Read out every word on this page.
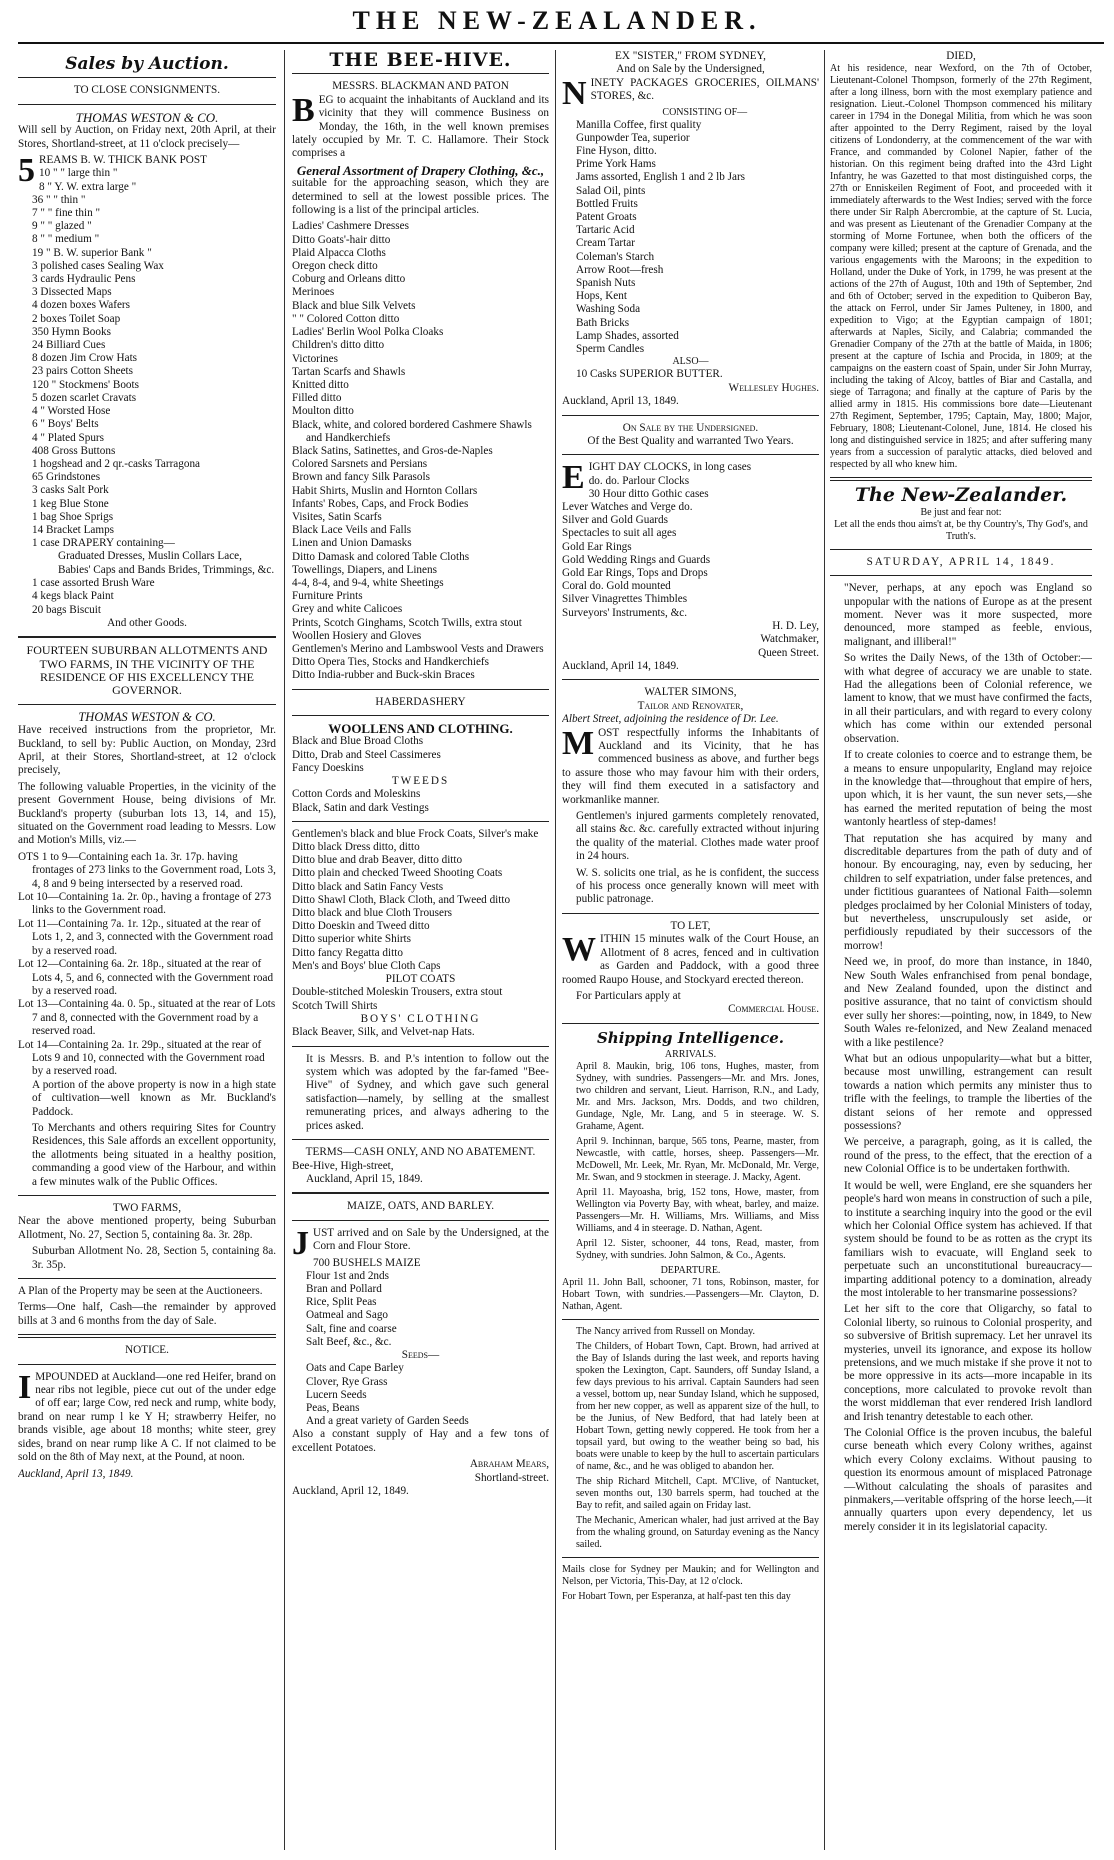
THE NEW-ZEALANDER.
Sales by Auction.
TO CLOSE CONSIGNMENTS.
THOMAS WESTON & CO.

Will sell by Auction, on Friday next, 20th April, at their Stores, Shortland-street, at 11 o'clock precisely—

5 REAMS B. W. THICK BANK POST
10 " " large thin "
8 " Y. W. extra large "
36 " " thin "
7 " " fine thin "
9 " " glazed "
8 " " medium "
19 " B. W. superior Bank "
3 polished cases Sealing Wax
3 cards Hydraulic Pens
3 Dissected Maps
4 dozen boxes Wafers
2 boxes Toilet Soap
350 Hymn Books
24 Billiard Cues
8 dozen Jim Crow Hats
23 pairs Cotton Sheets
120 " Stockmens' Boots
5 dozen scarlet Cravats
4 " Worsted Hose
6 " Boys' Belts
4 " Plated Spurs
408 Gross Buttons
1 hogshead and 2 qr.-casks Tarragona
65 Grindstones
3 casks Salt Pork
1 keg Blue Stone
1 bag Shoe Sprigs
14 Bracket Lamps
1 case DRAPERY containing—
Graduated Dresses, Muslin Collars Lace, Babies' Caps and Bands Brides, Trimmings, &c.
1 case assorted Brush Ware
4 kegs black Paint
20 bags Biscuit
And other Goods.
FOURTEEN SUBURBAN ALLOTMENTS AND TWO FARMS, IN THE VICINITY OF THE RESIDENCE OF HIS EXCELLENCY THE GOVERNOR.
THOMAS WESTON & CO.

Have received instructions from the proprietor, Mr. Buckland, to sell by: Public Auction, on Monday, 23rd April, at their Stores, Shortland-street, at 12 o'clock precisely,

The following valuable Properties, in the vicinity of the present Government House, being divisions of Mr. Buckland's property (suburban lots 13, 14, and 15), situated on the Government road leading to Messrs. Low and Motion's Mills, viz.—

OTS 1 to 9—Containing each 1a. 3r. 17p. having frontages of 273 links to the Government road, Lots 3, 4, 8 and 9 being intersected by a reserved road.
Lot 10—Containing 1a. 2r. 0p., having a frontage of 273 links to the Government road.
Lot 11—Containing 7a. 1r. 12p., situated at the rear of Lots 1, 2, and 3, connected with the Government road by a reserved road.
Lot 12—Containing 6a. 2r. 18p., situated at the rear of Lots 4, 5, and 6, connected with the Government road by a reserved road.
Lot 13—Containing 4a. 0. 5p., situated at the rear of Lots 7 and 8, connected with the Government road by a reserved road.
Lot 14—Containing 2a. 1r. 29p., situated at the rear of Lots 9 and 10, connected with the Government road by a reserved road.

A portion of the above property is now in a high state of cultivation—well known as Mr. Buckland's Paddock.

To Merchants and others requiring Sites for Country Residences, this Sale affords an excellent opportunity, the allotments being situated in a healthy position, commanding a good view of the Harbour, and within a few minutes walk of the Public Offices.

TWO FARMS,

Near the above mentioned property, being Suburban Allotment, No. 27, Section 5, containing 8a. 3r. 28p.

Suburban Allotment No. 28, Section 5, containing 8a. 3r. 35p.

A Plan of the Property may be seen at the Auctioneers.

Terms—One half, Cash—the remainder by approved bills at 3 and 6 months from the day of Sale.

NOTICE.

IMPOUNDED at Auckland—one red Heifer, brand on near ribs not legible, piece cut out of the under edge of off ear; large Cow, red neck and rump, white body, brand on near rump l ke Y H; strawberry Heifer, no brands visible, age about 18 months; white steer, grey sides, brand on near rump like A C. If not claimed to be sold on the 8th of May next, at the Pound, at noon.

Auckland, April 13, 1849.
THE BEE-HIVE.
MESSRS. BLACKMAN AND PATON

BEG to acquaint the inhabitants of Auckland and its vicinity that they will commence Business on Monday, the 16th, in the well known premises lately occupied by Mr. T. C. Hallamore. Their Stock comprises a

General Assortment of Drapery Clothing, &c.,

suitable for the approaching season, which they are determined to sell at the lowest possible prices. The following is a list of the principal articles.

Ladies' Cashmere Dresses
Ditto Goats'-hair ditto
Plaid Alpacca Cloths
Oregon check ditto
Coburg and Orleans ditto
Merinoes
Black and blue Silk Velvets
" " Colored Cotton ditto
Ladies' Berlin Wool Polka Cloaks
Children's ditto ditto
Victorines
Tartan Scarfs and Shawls
Knitted ditto
Filled ditto
Moulton ditto
Black, white, and colored bordered Cashmere Shawls and Handkerchiefs
Black Satins, Satinettes, and Gros-de-Naples
Colored Sarsnets and Persians
Brown and fancy Silk Parasols
Habit Shirts, Muslin and Hornton Collars
Infants' Robes, Caps, and Frock Bodies
Visites, Satin Scarfs
Black Lace Veils and Falls
Linen and Union Damasks
Ditto Damask and colored Table Cloths
Towellings, Diapers, and Linens
4-4, 8-4, and 9-4, white Sheetings
Furniture Prints
Grey and white Calicoes
Prints, Scotch Ginghams, Scotch Twills, extra stout
Woollen Hosiery and Gloves
Gentlemen's Merino and Lambswool Vests and Drawers
Ditto Opera Ties, Stocks and Handkerchiefs
Ditto India-rubber and Buck-skin Braces
HABERDASHERY
WOOLLENS AND CLOTHING.
Black and Blue Broad Cloths
Ditto, Drab and Steel Cassimeres
Fancy Doeskins
TWEEDS
Cotton Cords and Moleskins
Black, Satin and dark Vestings
Gentlemen's black and blue Frock Coats, Silver's make
Ditto black Dress ditto, ditto
Ditto blue and drab Beaver, ditto ditto
Ditto plain and checked Tweed Shooting Coats
Ditto black and Satin Fancy Vests
Ditto Shawl Cloth, Black Cloth, and Tweed ditto
Ditto black and blue Cloth Trousers
Ditto Doeskin and Tweed ditto
Ditto superior white Shirts
Ditto fancy Regatta ditto
Men's and Boys' blue Cloth Caps
PILOT COATS
Double-stitched Moleskin Trousers, extra stout
Scotch Twill Shirts
BOYS' CLOTHING
Black Beaver, Silk, and Velvet-nap Hats.

It is Messrs. B. and P.'s intention to follow out the system which was adopted by the far-famed "Bee-Hive" of Sydney, and which gave such general satisfaction—namely, by selling at the smallest remunerating prices, and always adhering to the prices asked.

TERMS—CASH ONLY, AND NO ABATEMENT.
Bee-Hive, High-street,
Auckland, April 15, 1849.
MAIZE, OATS, AND BARLEY.

JUST arrived and on Sale by the Undersigned, at the Corn and Flour Store.

700 BUSHELS MAIZE
Flour 1st and 2nds
Bran and Pollard
Rice, Split Peas
Oatmeal and Sago
Salt, fine and coarse
Salt Beef, &c., &c.
Seeds—
Oats and Cape Barley
Clover, Rye Grass
Lucern Seeds
Peas, Beans
And a great variety of Garden Seeds

Also a constant supply of Hay and a few tons of excellent Potatoes.

Abraham Mears,
Shortland-street.
Auckland, April 12, 1849.
EX "SISTER," FROM SYDNEY,
And on Sale by the Undersigned,

NINETY PACKAGES GROCERIES, OILMANS' STORES, &c.

CONSISTING OF—
Manilla Coffee, first quality
Gunpowder Tea, superior
Fine Hyson, ditto.
Prime York Hams
Jams assorted, English 1 and 2 lb Jars
Salad Oil, pints
Bottled Fruits
Patent Groats
Tartaric Acid
Cream Tartar
Coleman's Starch
Arrow Root—fresh
Spanish Nuts
Hops, Kent
Washing Soda
Bath Bricks
Lamp Shades, assorted
Sperm Candles
ALSO—
10 Casks SUPERIOR BUTTER.
Wellesley Hughes.
Auckland, April 13, 1849.
On Sale by the Undersigned.
Of the Best Quality and warranted Two Years.
E IGHT DAY CLOCKS, in long cases
do. do. Parlour Clocks
30 Hour ditto Gothic cases
Lever Watches and Verge do.
Silver and Gold Guards
Spectacles to suit all ages
Gold Ear Rings
Gold Wedding Rings and Guards
Gold Ear Rings, Tops and Drops
Coral do. Gold mounted
Silver Vinagrettes Thimbles
Surveyors' Instruments, &c.
H. D. Ley,
Watchmaker,
Queen Street.
Auckland, April 14, 1849.
WALTER SIMONS,
Tailor and Renovater,
Albert Street, adjoining the residence of Dr. Lee.

MOST respectfully informs the Inhabitants of Auckland and its Vicinity, that he has commenced business as above, and further begs to assure those who may favour him with their orders, they will find them executed in a satisfactory and workmanlike manner.

Gentlemen's injured garments completely renovated, all stains &c. &c. carefully extracted without injuring the quality of the material. Clothes made water proof in 24 hours.

W. S. solicits one trial, as he is confident, the success of his process once generally known will meet with public patronage.

TO LET,

WITHIN 15 minutes walk of the Court House, an Allotment of 8 acres, fenced and in cultivation as Garden and Paddock, with a good three roomed Raupo House, and Stockyard erected thereon.

For Particulars apply at
Commercial House.
Shipping Intelligence.
ARRIVALS.

April 8. Maukin, brig, 106 tons, Hughes, master, from Sydney, with sundries. Passengers—Mr. and Mrs. Jones, two children and servant, Lieut. Harrison, R.N., and Lady, Mr. and Mrs. Jackson, Mrs. Dodds, and two children, Gundage, Ngle, Mr. Lang, and 5 in steerage. W. S. Grahame, Agent.

April 9. Inchinnan, barque, 565 tons, Pearne, master, from Newcastle, with cattle, horses, sheep. Passengers—Mr. McDowell, Mr. Leek, Mr. Ryan, Mr. McDonald, Mr. Verge, Mr. Swan, and 9 stockmen in steerage. J. Macky, Agent.

April 11. Mayoasha, brig, 152 tons, Howe, master, from Wellington via Poverty Bay, with wheat, barley, and maize. Passengers—Mr. H. Williams, Mrs. Williams, and Miss Williams, and 4 in steerage. D. Nathan, Agent.

April 12. Sister, schooner, 44 tons, Read, master, from Sydney, with sundries. John Salmon, & Co., Agents.

DEPARTURE.

April 11. John Ball, schooner, 71 tons, Robinson, master, for Hobart Town, with sundries.—Passengers—Mr. Clayton, D. Nathan, Agent.

The Nancy arrived from Russell on Monday.

The Childers, of Hobart Town, Capt. Brown, had arrived at the Bay of Islands during the last week, and reports having spoken the Lexington, Capt. Saunders, off Sunday Island, a few days previous to his arrival. Captain Saunders had seen a vessel, bottom up, near Sunday Island, which he supposed, from her new copper, as well as apparent size of the hull, to be the Junius, of New Bedford, that had lately been at Hobart Town, getting newly coppered. He took from her a topsail yard, but owing to the weather being so bad, his boats were unable to keep by the hull to ascertain particulars of name, &c., and he was obliged to abandon her.

The ship Richard Mitchell, Capt. M'Clive, of Nantucket, seven months out, 130 barrels sperm, had touched at the Bay to refit, and sailed again on Friday last.

The Mechanic, American whaler, had just arrived at the Bay from the whaling ground, on Saturday evening as the Nancy sailed.

Mails close for Sydney per Maukin; and for Wellington and Nelson, per Victoria, This-Day, at 12 o'clock.

For Hobart Town, per Esperanza, at half-past ten this day

DIED,

At his residence, near Wexford, on the 7th of October, Lieutenant-Colonel Thompson, formerly of the 27th Regiment, after a long illness, born with the most exemplary patience and resignation. Lieut.-Colonel Thompson commenced his military career in 1794 in the Donegal Militia, from which he was soon after appointed to the Derry Regiment, raised by the loyal citizens of Londonderry, at the commencement of the war with France, and commanded by Colonel Napier, father of the historian. On this regiment being drafted into the 43rd Light Infantry, he was Gazetted to that most distinguished corps, the 27th or Enniskeilen Regiment of Foot, and proceeded with it immediately afterwards to the West Indies; served with the force there under Sir Ralph Abercrombie, at the capture of St. Lucia, and was present as Lieutenant of the Grenadier Company at the storming of Morne Fortunee, when both the officers of the company were killed; present at the capture of Grenada, and the various engagements with the Maroons; in the expedition to Holland, under the Duke of York, in 1799, he was present at the actions of the 27th of August, 10th and 19th of September, 2nd and 6th of October; served in the expedition to Quiberon Bay, the attack on Ferrol, under Sir James Pulteney, in 1800, and expedition to Vigo; at the Egyptian campaign of 1801; afterwards at Naples, Sicily, and Calabria; commanded the Grenadier Company of the 27th at the battle of Maida, in 1806; present at the capture of Ischia and Procida, in 1809; at the campaigns on the eastern coast of Spain, under Sir John Murray, including the taking of Alcoy, battles of Biar and Castalla, and siege of Tarragona; and finally at the capture of Paris by the allied army in 1815. His commissions bore date—Lieutenant 27th Regiment, September, 1795; Captain, May, 1800; Major, February, 1808; Lieutenant-Colonel, June, 1814. He closed his long and distinguished service in 1825; and after suffering many years from a succession of paralytic attacks, died beloved and respected by all who knew him.

The New-Zealander.
Be just and fear not:
Let all the ends thou aims't at, be thy Country's, Thy God's, and Truth's.
SATURDAY, APRIL 14, 1849.

"Never, perhaps, at any epoch was England so unpopular with the nations of Europe as at the present moment. Never was it more suspected, more denounced, more stamped as feeble, envious, malignant, and illiberal!"

So writes the Daily News, of the 13th of October:—with what degree of accuracy we are unable to state. Had the allegations been of Colonial reference, we lament to know, that we must have confirmed the facts, in all their particulars, and with regard to every colony which has come within our extended personal observation.

If to create colonies to coerce and to estrange them, be a means to ensure unpopularity, England may rejoice in the knowledge that—throughout that empire of hers, upon which, it is her vaunt, the sun never sets,—she has earned the merited reputation of being the most wantonly heartless of step-dames!

That reputation she has acquired by many and discreditable departures from the path of duty and of honour. By encouraging, nay, even by seducing, her children to self expatriation, under false pretences, and under fictitious guarantees of National Faith—solemn pledges proclaimed by her Colonial Ministers of today, but nevertheless, unscrupulously set aside, or perfidiously repudiated by their successors of the morrow!

Need we, in proof, do more than instance, in 1840, New South Wales enfranchised from penal bondage, and New Zealand founded, upon the distinct and positive assurance, that no taint of convictism should ever sully her shores:—pointing, now, in 1849, to New South Wales re-felonized, and New Zealand menaced with a like pestilence?

What but an odious unpopularity—what but a bitter, because most unwilling, estrangement can result towards a nation which permits any minister thus to trifle with the feelings, to trample the liberties of the distant seions of her remote and oppressed possessions?

We perceive, a paragraph, going, as it is called, the round of the press, to the effect, that the erection of a new Colonial Office is to be undertaken forthwith.

It would be well, were England, ere she squanders her people's hard won means in construction of such a pile, to institute a searching inquiry into the good or the evil which her Colonial Office system has achieved. If that system should be found to be as rotten as the crypt its familiars wish to evacuate, will England seek to perpetuate such an unconstitutional bureaucracy—imparting additional potency to a domination, already the most intolerable to her transmarine possessions?

Let her sift to the core that Oligarchy, so fatal to Colonial liberty, so ruinous to Colonial prosperity, and so subversive of British supremacy. Let her unravel its mysteries, unveil its ignorance, and expose its hollow pretensions, and we much mistake if she prove it not to be more oppressive in its acts—more incapable in its conceptions, more calculated to provoke revolt than the worst middleman that ever rendered Irish landlord and Irish tenantry detestable to each other.

The Colonial Office is the proven incubus, the baleful curse beneath which every Colony writhes, against which every Colony exclaims. Without pausing to question its enormous amount of misplaced Patronage—Without calculating the shoals of parasites and pinmakers,—veritable offspring of the horse leech,—it annually quarters upon every dependency, let us merely consider it in its legislatorial capacity.
